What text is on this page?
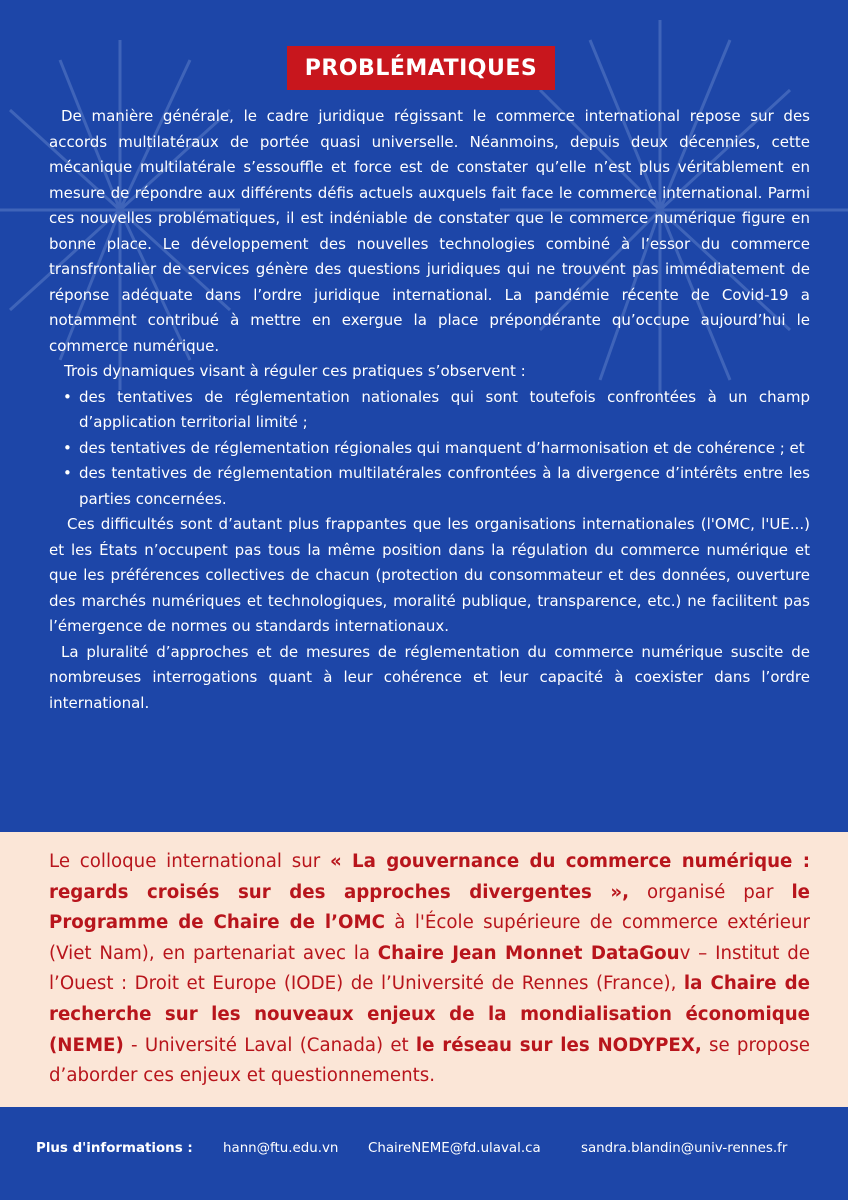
PROBLÉMATIQUES

De manière générale, le cadre juridique régissant le commerce international repose sur des accords multilatéraux de portée quasi universelle. Néanmoins, depuis deux décennies, cette mécanique multilatérale s’essouffle et force est de constater qu’elle n’est plus véritablement en mesure de répondre aux différents défis actuels auxquels fait face le commerce international. Parmi ces nouvelles problématiques, il est indéniable de constater que le commerce numérique figure en bonne place. Le développement des nouvelles technologies combiné à l’essor du commerce transfrontalier de services génère des questions juridiques qui ne trouvent pas immédiatement de réponse adéquate dans l’ordre juridique international. La pandémie récente de Covid-19 a notamment contribué à mettre en exergue la place prépondérante qu’occupe aujourd’hui le commerce numérique.

Trois dynamiques visant à réguler ces pratiques s’observent :

• des tentatives de réglementation nationales qui sont toutefois confrontées à un champ d’application territorial limité ;
• des tentatives de réglementation régionales qui manquent d’harmonisation et de cohérence ; et
• des tentatives de réglementation multilatérales confrontées à la divergence d’intérêts entre les parties concernées.

Ces difficultés sont d’autant plus frappantes que les organisations internationales (l'OMC, l'UE...) et les États n’occupent pas tous la même position dans la régulation du commerce numérique et que les préférences collectives de chacun (protection du consommateur et des données, ouverture des marchés numériques et technologiques, moralité publique, transparence, etc.) ne facilitent pas l’émergence de normes ou standards internationaux.

La pluralité d’approches et de mesures de réglementation du commerce numérique suscite de nombreuses interrogations quant à leur cohérence et leur capacité à coexister dans l’ordre international.

Le colloque international sur « La gouvernance du commerce numérique : regards croisés sur des approches divergentes », organisé par le Programme de Chaire de l’OMC à l'École supérieure de commerce extérieur (Viet Nam), en partenariat avec la Chaire Jean Monnet DataGouv – Institut de l’Ouest : Droit et Europe (IODE) de l’Université de Rennes (France), la Chaire de recherche sur les nouveaux enjeux de la mondialisation économique (NEME) - Université Laval (Canada) et le réseau sur les NODYPEX, se propose d’aborder ces enjeux et questionnements.
Plus d'informations : hann@ftu.edu.vn ChaireNEME@fd.ulaval.ca	sandra.blandin@univ-rennes.fr
